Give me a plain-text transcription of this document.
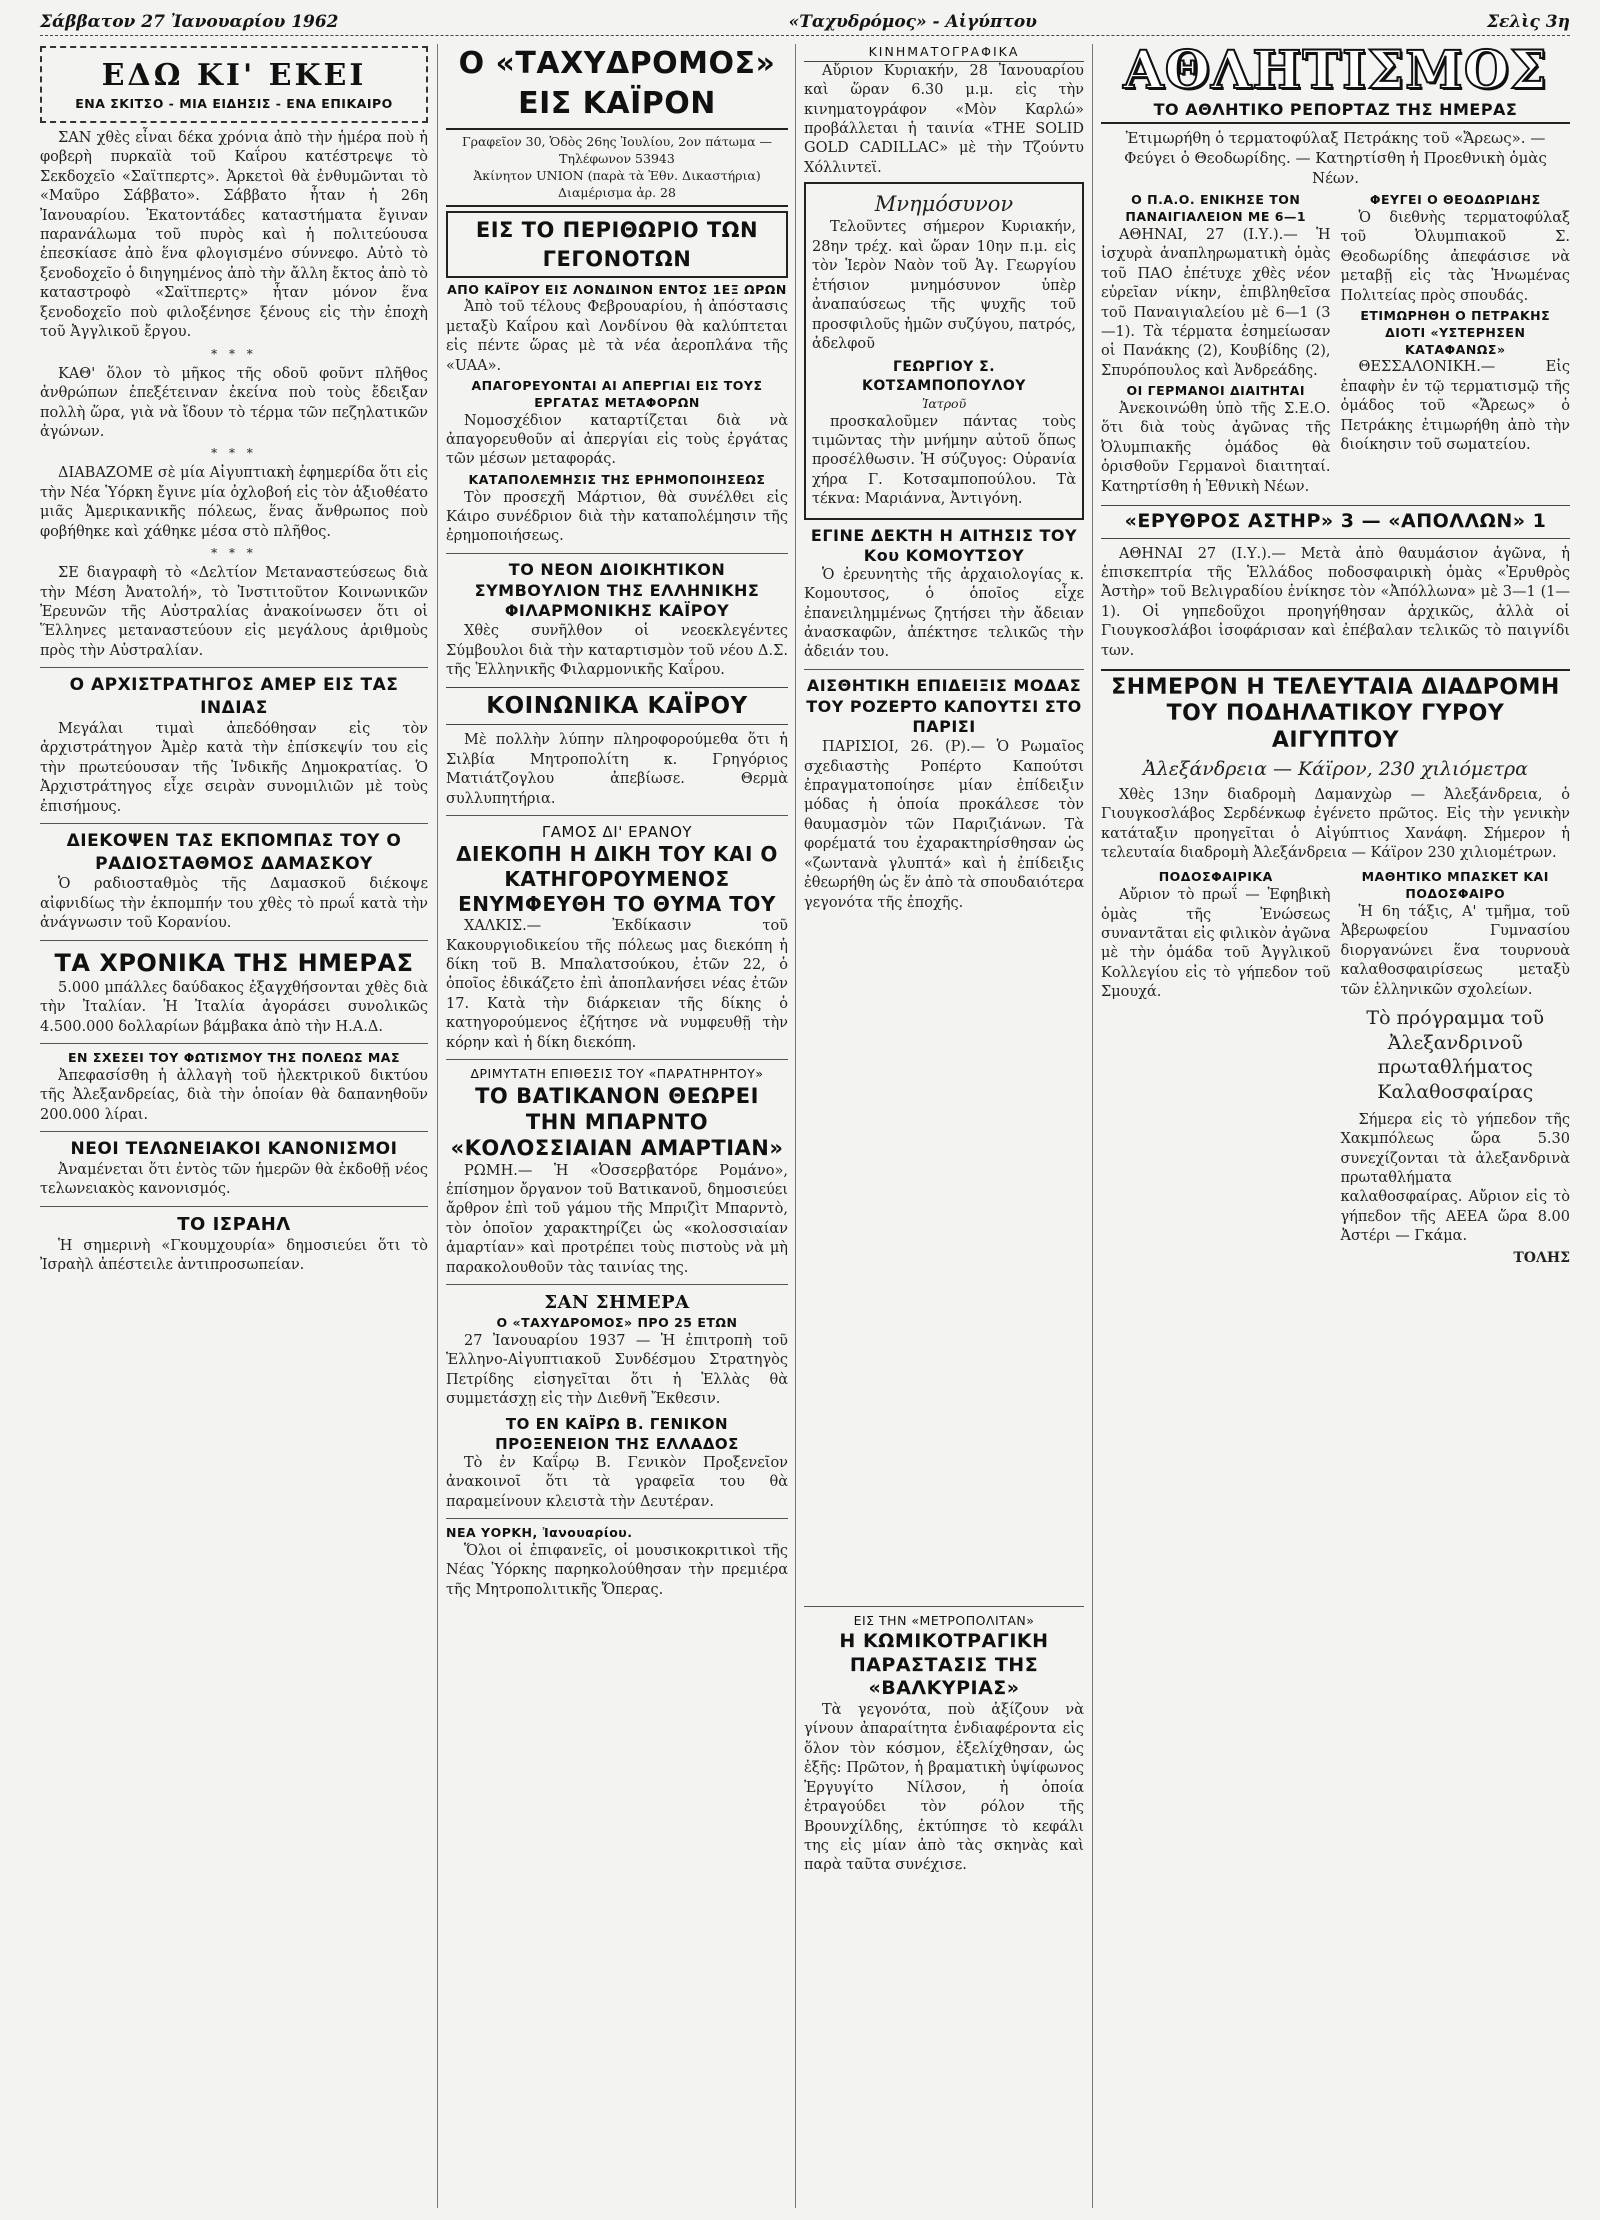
Σάββατον 27 Ἰανουαρίου 1962	«Ταχυδρόμος» - Αἰγύπτου	Σελὶς 3η
ΕΔΩ ΚΙ' ΕΚΕΙ
ΕΝΑ ΣΚΙΤΣΟ - ΜΙΑ ΕΙΔΗΣΙΣ - ΕΝΑ ΕΠΙΚΑΙΡΟ

ΣΑΝ χθὲς εἶναι δέκα χρόνια ἀπὸ τὴν ἡμέρα ποὺ ἡ φοβερὴ πυρκαϊὰ τοῦ Καΐρου κατέστρεψε τὸ Σεκδοχεῖο «Σαϊτπερτς». Ἀρκετοὶ θὰ ἐνθυμῶνται τὸ «Μαῦρο Σάββατο». Σάββατο ἦταν ἡ 26η Ἰανουαρίου. Ἐκατοντάδες καταστήματα ἔγιναν παρανάλωμα τοῦ πυρὸς καὶ ἡ πολιτεύουσα ἐπεσκίασε ἀπὸ ἕνα φλογισμένο σύννεφο. Αὐτὸ τὸ ξενοδοχεῖο ὁ διηγημένος ἀπὸ τὴν ἄλλη ἔκτος ἀπὸ τὸ καταστροφὸ «Σαϊτπερτς» ἦταν μόνον ἕνα ξενοδοχεῖο ποὺ φιλοξένησε ξένους εἰς τὴν ἐποχὴ τοῦ Ἀγγλικοῦ ἔργου.

* * *

ΚΑΘ' ὅλον τὸ μῆκος τῆς οδοῦ φοῦντ πλῆθος ἀνθρώπων ἐπεξέτειναν ἐκείνα ποὺ τοὺς ἔδειξαν πολλὴ ὥρα, γιὰ νὰ ἴδουν τὸ τέρμα τῶν πεζηλατικῶν ἀγώνων.

* * *

ΔΙΑΒΑΖΟΜΕ σὲ μία Αἰγυπτιακὴ ἐφημερίδα ὅτι εἰς τὴν Νέα Ὑόρκη ἔγινε μία ὀχλοβοή εἰς τὸν ἀξιοθέατο μιᾶς Ἀμερικανικῆς πόλεως, ἕνας ἄνθρωπος ποὺ φοβήθηκε καὶ χάθηκε μέσα στὸ πλῆθος.

* * *

ΣΕ διαγραφὴ τὸ «Δελτίον Μεταναστεύσεως διὰ τὴν Μέση Ἀνατολή», τὸ Ἰνστιτοῦτον Κοινωνικῶν Ἐρευνῶν τῆς Αὐστραλίας ἀνακοίνωσεν ὅτι οἱ Ἕλληνες μεταναστεύουν εἰς μεγάλους ἀριθμοὺς πρὸς τὴν Αὐστραλίαν.

Ο ΑΡΧΙΣΤΡΑΤΗΓΟΣ ΑΜΕΡ ΕΙΣ ΤΑΣ ΙΝΔΙΑΣ

Μεγάλαι τιμαὶ ἀπεδόθησαν εἰς τὸν ἀρχιστράτηγον Ἀμὲρ κατὰ τὴν ἐπίσκεψίν του εἰς τὴν πρωτεύουσαν τῆς Ἰνδικῆς Δημοκρατίας. Ὁ Ἀρχιστράτηγος εἶχε σειρὰν συνομιλιῶν μὲ τοὺς ἐπισήμους.

ΔΙΕΚΟΨΕΝ ΤΑΣ ΕΚΠΟΜΠΑΣ ΤΟΥ Ο ΡΑΔΙΟΣΤΑΘΜΟΣ ΔΑΜΑΣΚΟΥ

Ὁ ραδιοσταθμὸς τῆς Δαμασκοῦ διέκοψε αἰφνιδίως τὴν ἐκπομπήν του χθὲς τὸ πρωΐ κατὰ τὴν ἀνάγνωσιν τοῦ Κορανίου.

ΤΑ ΧΡΟΝΙΚΑ ΤΗΣ ΗΜΕΡΑΣ

5.000 μπάλλες δαύδακος ἐξαγχθήσονται χθὲς διὰ τὴν Ἰταλίαν. Ἡ Ἰταλία ἀγοράσει συνολικῶς 4.500.000 δολλαρίων βάμβακα ἀπὸ τὴν Η.Α.Δ.

ΕΝ ΣΧΕΣΕΙ ΤΟΥ ΦΩΤΙΣΜΟΥ ΤΗΣ ΠΟΛΕΩΣ ΜΑΣ

Ἀπεφασίσθη ἡ ἀλλαγὴ τοῦ ἠλεκτρικοῦ δικτύου τῆς Ἀλεξανδρείας, διὰ τὴν ὁποίαν θὰ δαπανηθοῦν 200.000 λίραι.

ΝΕΟΙ ΤΕΛΩΝΕΙΑΚΟΙ ΚΑΝΟΝΙΣΜΟΙ

Ἀναμένεται ὅτι ἐντὸς τῶν ἡμερῶν θὰ ἐκδοθῇ νέος τελωνειακὸς κανονισμός.

ΤΟ ΙΣΡΑΗΛ

Ἡ σημερινὴ «Γκουμχουρία» δημοσιεύει ὅτι τὸ Ἰσραὴλ ἀπέστειλε ἀντιπροσωπείαν.

Ο «ΤΑΧΥΔΡΟΜΟΣ» ΕΙΣ ΚΑΪΡΟΝ
Γραφεῖον 30, Ὁδὸς 26ης Ἰουλίου, 2ον πάτωμα — Τηλέφωνον 53943
Ἀκίνητον UNION (παρὰ τὰ Ἐθν. Δικαστήρια) Διαμέρισμα ἀρ. 28
ΕΙΣ ΤΟ ΠΕΡΙΘΩΡΙΟ ΤΩΝ ΓΕΓΟΝΟΤΩΝ
ΑΠΟ ΚΑΪΡΟΥ ΕΙΣ ΛΟΝΔΙΝΟΝ ΕΝΤΟΣ 1ΕΞ ΩΡΩΝ

Ἀπὸ τοῦ τέλους Φεβρουαρίου, ἡ ἀπόστασις μεταξὺ Καΐρου καὶ Λονδίνου θὰ καλύπτεται εἰς πέντε ὥρας μὲ τὰ νέα ἀεροπλάνα τῆς «UAA».

ΑΠΑΓΟΡΕΥΟΝΤΑΙ ΑΙ ΑΠΕΡΓΙΑΙ ΕΙΣ ΤΟΥΣ ΕΡΓΑΤΑΣ ΜΕΤΑΦΟΡΩΝ

Νομοσχέδιον καταρτίζεται διὰ νὰ ἀπαγορευθοῦν αἱ ἀπεργίαι εἰς τοὺς ἐργάτας τῶν μέσων μεταφοράς.

ΚΑΤΑΠΟΛΕΜΗΣΙΣ ΤΗΣ ΕΡΗΜΟΠΟΙΗΣΕΩΣ

Τὸν προσεχῆ Μάρτιον, θὰ συνέλθει εἰς Κάιρο συνέδριον διὰ τὴν καταπολέμησιν τῆς ἐρημοποιήσεως.

ΤΟ ΝΕΟΝ ΔΙΟΙΚΗΤΙΚΟΝ ΣΥΜΒΟΥΛΙΟΝ ΤΗΣ ΕΛΛΗΝΙΚΗΣ ΦΙΛΑΡΜΟΝΙΚΗΣ ΚΑΪΡΟΥ

Χθὲς συνῆλθον οἱ νεοεκλεγέντες Σύμβουλοι διὰ τὴν καταρτισμὸν τοῦ νέου Δ.Σ. τῆς Ἑλληνικῆς Φιλαρμονικῆς Καΐρου.

ΚΟΙΝΩΝΙΚΑ ΚΑΪΡΟΥ

Μὲ πολλὴν λύπην πληροφορούμεθα ὅτι ἡ Σιλβία Μητροπολίτη κ. Γρηγόριος Ματιάτζογλου ἀπεβίωσε. Θερμὰ συλλυπητήρια.

ΓΑΜΟΣ ΔΙ' ΕΡΑΝΟΥ
ΔΙΕΚΟΠΗ Η ΔΙΚΗ ΤΟΥ ΚΑΙ Ο ΚΑΤΗΓΟΡΟΥΜΕΝΟΣ ΕΝΥΜΦΕΥΘΗ ΤΟ ΘΥΜΑ ΤΟΥ

ΧΑΛΚΙΣ.— Ἐκδίκασιν τοῦ Κακουργιοδικείου τῆς πόλεως μας διεκόπη ἡ δίκη τοῦ Β. Μπαλατσούκου, ἐτῶν 22, ὁ ὁποῖος ἐδικάζετο ἐπὶ ἀποπλανήσει νέας ἐτῶν 17. Κατὰ τὴν διάρκειαν τῆς δίκης ὁ κατηγορούμενος ἐζήτησε νὰ νυμφευθῇ τὴν κόρην καὶ ἡ δίκη διεκόπη.

ΔΡΙΜΥΤΑΤΗ ΕΠΙΘΕΣΙΣ ΤΟΥ «ΠΑΡΑΤΗΡΗΤΟΥ»
ΤΟ ΒΑΤΙΚΑΝΟΝ ΘΕΩΡΕΙ ΤΗΝ ΜΠΑΡΝΤΟ «ΚΟΛΟΣΣΙΑΙΑΝ ΑΜΑΡΤΙΑΝ»

ΡΩΜΗ.— Ἡ «Ὀσσερβατόρε Ρομάνο», ἐπίσημον ὄργανον τοῦ Βατικανοῦ, δημοσιεύει ἄρθρον ἐπὶ τοῦ γάμου τῆς Μπριζὶτ Μπαρντὸ, τὸν ὁποῖον χαρακτηρίζει ὡς «κολοσσιαίαν ἁμαρτίαν» καὶ προτρέπει τοὺς πιστοὺς νὰ μὴ παρακολουθοῦν τὰς ταινίας της.

ΣΑΝ ΣΗΜΕΡΑ
Ο «ΤΑΧΥΔΡΟΜΟΣ» ΠΡΟ 25 ΕΤΩΝ

27 Ἰανουαρίου 1937 — Ἡ ἐπιτροπὴ τοῦ Ἑλληνο-Αἰγυπτιακοῦ Συνδέσμου Στρατηγὸς Πετρίδης εἰσηγεῖται ὅτι ἡ Ἑλλὰς θὰ συμμετάσχῃ εἰς τὴν Διεθνῆ Ἔκθεσιν.

ΤΟ ΕΝ ΚΑΪΡΩ Β. ΓΕΝΙΚΟΝ ΠΡΟΞΕΝΕΙΟΝ ΤΗΣ ΕΛΛΑΔΟΣ

Τὸ ἐν Καΐρῳ Β. Γενικὸν Προξενεῖον ἀνακοινοῖ ὅτι τὰ γραφεῖα του θὰ παραμείνουν κλειστὰ τὴν Δευτέραν.

ΝΕΑ ΥΟΡΚΗ, Ἰανουαρίου.

Ὅλοι οἱ ἐπιφανεῖς, οἱ μουσικοκριτικοὶ τῆς Νέας Ὑόρκης παρηκολούθησαν τὴν πρεμιέρα τῆς Μητροπολιτικῆς Ὄπερας.

ΚΙΝΗΜΑΤΟΓΡΑΦΙΚΑ

Αὔριον Κυριακήν, 28 Ἰανουαρίου καὶ ὥραν 6.30 μ.μ. εἰς τὴν κινηματογράφον «Μὸν Καρλώ» προβάλλεται ἡ ταινία «THE SOLID GOLD CADILLAC» μὲ τὴν Τζούντυ Χόλλιντεϊ.

Μνημόσυνον

Τελοῦντες σήμερον Κυριακήν, 28ην τρέχ. καὶ ὥραν 10ην π.μ. εἰς τὸν Ἱερὸν Ναὸν τοῦ Ἁγ. Γεωργίου ἐτήσιον μνημόσυνον ὑπὲρ ἀναπαύσεως τῆς ψυχῆς τοῦ προσφιλοῦς ἡμῶν συζύγου, πατρός, ἀδελφοῦ

ΓΕΩΡΓΙΟΥ Σ. ΚΟΤΣΑΜΠΟΠΟΥΛΟΥ
Ἰατροῦ

προσκαλοῦμεν πάντας τοὺς τιμῶντας τὴν μνήμην αὐτοῦ ὅπως προσέλθωσιν. Ἡ σύζυγος: Οὐρανία χήρα Γ. Κοτσαμποπούλου. Τὰ τέκνα: Μαριάννα, Ἀντιγόνη.

ΕΓΙΝΕ ΔΕΚΤΗ Η ΑΙΤΗΣΙΣ ΤΟΥ Κου ΚΟΜΟΥΤΣΟΥ

Ὁ ἐρευνητὴς τῆς ἀρχαιολογίας κ. Κομουτσος, ὁ ὁποῖος εἶχε ἐπανειλημμένως ζητήσει τὴν ἄδειαν ἀνασκαφῶν, ἀπέκτησε τελικῶς τὴν ἀδειάν του.

ΑΙΣΘΗΤΙΚΗ ΕΠΙΔΕΙΞΙΣ ΜΟΔΑΣ ΤΟΥ ΡΟΖΕΡΤΟ ΚΑΠΟΥΤΣΙ ΣΤΟ ΠΑΡΙΣΙ

ΠΑΡΙΣΙΟΙ, 26. (Ρ).— Ὁ Ρωμαῖος σχεδιαστὴς Ροπέρτο Καπούτσι ἐπραγματοποίησε μίαν ἐπίδειξιν μόδας ἡ ὁποία προκάλεσε τὸν θαυμασμὸν τῶν Παριζιάνων. Τὰ φορέματά του ἐχαρακτηρίσθησαν ὡς «ζωντανὰ γλυπτά» καὶ ἡ ἐπίδειξις ἐθεωρήθη ὡς ἕν ἀπὸ τὰ σπουδαιότερα γεγονότα τῆς ἐποχῆς.

ΕΙΣ ΤΗΝ «ΜΕΤΡΟΠΟΛΙΤΑΝ»
Η ΚΩΜΙΚΟΤΡΑΓΙΚΗ ΠΑΡΑΣΤΑΣΙΣ ΤΗΣ «ΒΑΛΚΥΡΙΑΣ»

Τὰ γεγονότα, ποὺ ἀξίζουν νὰ γίνουν ἀπαραίτητα ἐνδιαφέροντα εἰς ὅλον τὸν κόσμον, ἐξελίχθησαν, ὡς ἑξῆς: Πρῶτον, ἡ βραματικὴ ὑψίφωνος Ἐργυγίτο Νίλσον, ἡ ὁποία ἐτραγούδει τὸν ρόλον τῆς Βρουνχίλδης, ἐκτύπησε τὸ κεφάλι της εἰς μίαν ἀπὸ τὰς σκηνὰς καὶ παρὰ ταῦτα συνέχισε.

ΑΘΛΗΤΙΣΜΟΣ
ΤΟ ΑΘΛΗΤΙΚΟ ΡΕΠΟΡΤΑΖ ΤΗΣ ΗΜΕΡΑΣ

Ἐτιμωρήθη ὁ τερματοφύλαξ Πετράκης τοῦ «Ἄρεως». — Φεύγει ὁ Θεοδωρίδης. — Κατηρτίσθη ἡ Προεθνικὴ ὁμὰς Νέων.

Ο Π.Α.Ο. ΕΝΙΚΗΣΕ ΤΟΝ ΠΑΝΑΙΓΙΑΛΕΙΟΝ ΜΕ 6—1

ΑΘΗΝΑΙ, 27 (Ι.Υ.).— Ἡ ἰσχυρὰ ἀναπληρωματικὴ ὁμὰς τοῦ ΠΑΟ ἐπέτυχε χθὲς νέον εὐρεῖαν νίκην, ἐπιβληθεῖσα τοῦ Παναιγιαλείου μὲ 6—1 (3—1). Τὰ τέρματα ἐσημείωσαν οἱ Πανάκης (2), Κουβίδης (2), Σπυρόπουλος καὶ Ἀνδρεάδης.

ΟΙ ΓΕΡΜΑΝΟΙ ΔΙΑΙΤΗΤΑΙ

Ἀνεκοινώθη ὑπὸ τῆς Σ.Ε.Ο. ὅτι διὰ τοὺς ἀγῶνας τῆς Ὀλυμπιακῆς ὁμάδος θὰ ὁρισθοῦν Γερμανοὶ διαιτηταί. Κατηρτίσθη ἡ Ἐθνικὴ Νέων.

ΦΕΥΓΕΙ Ο ΘΕΟΔΩΡΙΔΗΣ

Ὁ διεθνὴς τερματοφύλαξ τοῦ Ὀλυμπιακοῦ Σ. Θεοδωρίδης ἀπεφάσισε νὰ μεταβῇ εἰς τὰς Ἠνωμένας Πολιτείας πρὸς σπουδάς.

ΕΤΙΜΩΡΗΘΗ Ο ΠΕΤΡΑΚΗΣ ΔΙΟΤΙ «ΥΣΤΕΡΗΣΕΝ ΚΑΤΑΦΑΝΩΣ»

ΘΕΣΣΑΛΟΝΙΚΗ.— Εἰς ἐπαφὴν ἐν τῷ τερματισμῷ τῆς ὁμάδος τοῦ «Ἄρεως» ὁ Πετράκης ἐτιμωρήθη ἀπὸ τὴν διοίκησιν τοῦ σωματείου.

«ΕΡΥΘΡΟΣ ΑΣΤΗΡ» 3 — «ΑΠΟΛΛΩΝ» 1

ΑΘΗΝΑΙ 27 (Ι.Υ.).— Μετὰ ἀπὸ θαυμάσιον ἀγῶνα, ἡ ἐπισκεπτρία τῆς Ἑλλάδος ποδοσφαιρικὴ ὁμὰς «Ἐρυθρὸς Ἀστὴρ» τοῦ Βελιγραδίου ἐνίκησε τὸν «Ἀπόλλωνα» μὲ 3—1 (1—1). Οἱ γηπεδοῦχοι προηγήθησαν ἀρχικῶς, ἀλλὰ οἱ Γιουγκοσλάβοι ἰσοφάρισαν καὶ ἐπέβαλαν τελικῶς τὸ παιγνίδι των.

ΣΗΜΕΡΟΝ Η ΤΕΛΕΥΤΑΙΑ ΔΙΑΔΡΟΜΗ ΤΟΥ ΠΟΔΗΛΑΤΙΚΟΥ ΓΥΡΟΥ ΑΙΓΥΠΤΟΥ
Ἀλεξάνδρεια — Κάϊρον, 230 χιλιόμετρα

Χθὲς 13ην διαδρομὴ Δαμανχὼρ — Ἀλεξάνδρεια, ὁ Γιουγκοσλάβος Σερδένκωφ ἐγένετο πρῶτος. Εἰς τὴν γενικὴν κατάταξιν προηγεῖται ὁ Αἰγύπτιος Χανάφη. Σήμερον ἡ τελευταία διαδρομὴ Ἀλεξάνδρεια — Κάϊρον 230 χιλιομέτρων.

ΠΟΔΟΣΦΑΙΡΙΚΑ

Αὔριον τὸ πρωΐ — Ἐφηβικὴ ὁμὰς τῆς Ἑνώσεως συναντᾶται εἰς φιλικὸν ἀγῶνα μὲ τὴν ὁμάδα τοῦ Ἀγγλικοῦ Κολλεγίου εἰς τὸ γήπεδον τοῦ Σμουχά.

ΜΑΘΗΤΙΚΟ ΜΠΑΣΚΕΤ ΚΑΙ ΠΟΔΟΣΦΑΙΡΟ

Ἡ 6η τάξις, Α' τμῆμα, τοῦ Ἀβερωφείου Γυμνασίου διοργανώνει ἕνα τουρνουὰ καλαθοσφαιρίσεως μεταξὺ τῶν ἑλληνικῶν σχολείων.

Τὸ πρόγραμμα τοῦ Ἀλεξανδρινοῦ πρωταθλήματος Καλαθοσφαίρας

Σήμερα εἰς τὸ γήπεδον τῆς Χακμπόλεως ὥρα 5.30 συνεχίζονται τὰ ἀλεξανδρινὰ πρωταθλήματα καλαθοσφαίρας. Αὔριον εἰς τὸ γήπεδον τῆς ΑΕΕΑ ὥρα 8.00 Ἀστέρι — Γκάμα.

ΤΟΛΗΣ
